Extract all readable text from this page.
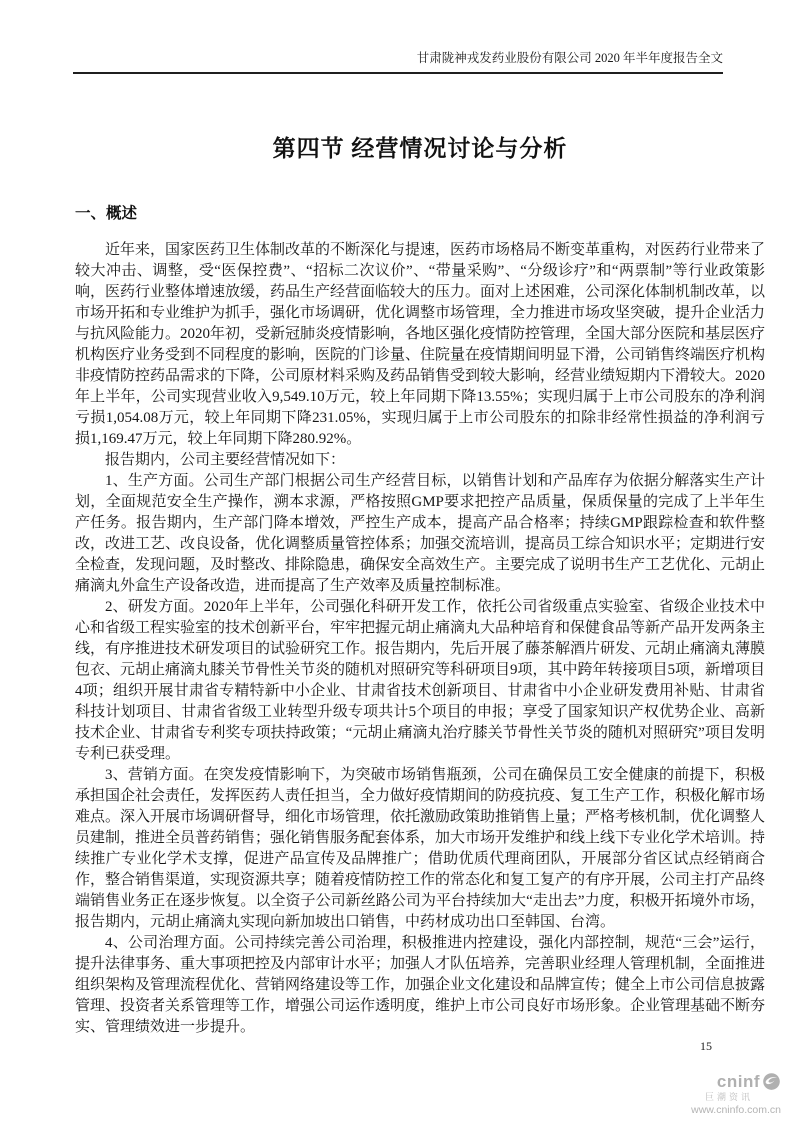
甘肃陇神戎发药业股份有限公司 2020 年半年度报告全文
第四节 经营情况讨论与分析
一、概述

近年来，国家医药卫生体制改革的不断深化与提速，医药市场格局不断变革重构，对医药行业带来了较大冲击、调整，受“医保控费”、“招标二次议价”、“带量采购”、“分级诊疗”和“两票制”等行业政策影响，医药行业整体增速放缓，药品生产经营面临较大的压力。面对上述困难，公司深化体制机制改革，以市场开拓和专业维护为抓手，强化市场调研，优化调整市场管理，全力推进市场攻坚突破，提升企业活力与抗风险能力。2020年初，受新冠肺炎疫情影响，各地区强化疫情防控管理，全国大部分医院和基层医疗机构医疗业务受到不同程度的影响，医院的门诊量、住院量在疫情期间明显下滑，公司销售终端医疗机构非疫情防控药品需求的下降，公司原材料采购及药品销售受到较大影响，经营业绩短期内下滑较大。2020年上半年，公司实现营业收入9,549.10万元，较上年同期下降13.55%；实现归属于上市公司股东的净利润亏损1,054.08万元，较上年同期下降231.05%，实现归属于上市公司股东的扣除非经常性损益的净利润亏损1,169.47万元，较上年同期下降280.92%。

报告期内，公司主要经营情况如下：

1、生产方面。公司生产部门根据公司生产经营目标，以销售计划和产品库存为依据分解落实生产计划，全面规范安全生产操作，溯本求源，严格按照GMP要求把控产品质量，保质保量的完成了上半年生产任务。报告期内，生产部门降本增效，严控生产成本，提高产品合格率；持续GMP跟踪检查和软件整改，改进工艺、改良设备，优化调整质量管控体系；加强交流培训，提高员工综合知识水平；定期进行安全检查，发现问题，及时整改、排除隐患，确保安全高效生产。主要完成了说明书生产工艺优化、元胡止痛滴丸外盒生产设备改造，进而提高了生产效率及质量控制标准。

2、研发方面。2020年上半年，公司强化科研开发工作，依托公司省级重点实验室、省级企业技术中心和省级工程实验室的技术创新平台，牢牢把握元胡止痛滴丸大品种培育和保健食品等新产品开发两条主线，有序推进技术研发项目的试验研究工作。报告期内，先后开展了藤茶解酒片研发、元胡止痛滴丸薄膜包衣、元胡止痛滴丸膝关节骨性关节炎的随机对照研究等科研项目9项，其中跨年转接项目5项，新增项目4项；组织开展甘肃省专精特新中小企业、甘肃省技术创新项目、甘肃省中小企业研发费用补贴、甘肃省科技计划项目、甘肃省省级工业转型升级专项共计5个项目的申报；享受了国家知识产权优势企业、高新技术企业、甘肃省专利奖专项扶持政策；“元胡止痛滴丸治疗膝关节骨性关节炎的随机对照研究”项目发明专利已获受理。

3、营销方面。在突发疫情影响下，为突破市场销售瓶颈，公司在确保员工安全健康的前提下，积极承担国企社会责任，发挥医药人责任担当，全力做好疫情期间的防疫抗疫、复工生产工作，积极化解市场难点。深入开展市场调研督导，细化市场管理，依托激励政策助推销售上量；严格考核机制，优化调整人员建制，推进全员普药销售；强化销售服务配套体系，加大市场开发维护和线上线下专业化学术培训。持续推广专业化学术支撑，促进产品宣传及品牌推广；借助优质代理商团队，开展部分省区试点经销商合作，整合销售渠道，实现资源共享；随着疫情防控工作的常态化和复工复产的有序开展，公司主打产品终端销售业务正在逐步恢复。以全资子公司新丝路公司为平台持续加大“走出去”力度，积极开拓境外市场，报告期内，元胡止痛滴丸实现向新加坡出口销售，中药材成功出口至韩国、台湾。

4、公司治理方面。公司持续完善公司治理，积极推进内控建设，强化内部控制，规范“三会”运行，提升法律事务、重大事项把控及内部审计水平；加强人才队伍培养，完善职业经理人管理机制，全面推进组织架构及管理流程优化、营销网络建设等工作，加强企业文化建设和品牌宣传；健全上市公司信息披露管理、投资者关系管理等工作，增强公司运作透明度，维护上市公司良好市场形象。企业管理基础不断夯实、管理绩效进一步提升。

15
cninf
巨潮资讯
www.cninfo.com.cn
